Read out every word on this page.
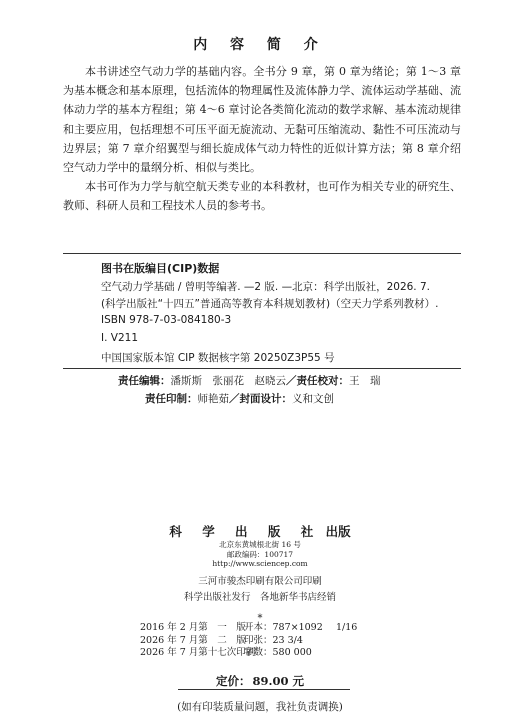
内 容 简 介

本书讲述空气动力学的基础内容。全书分 9 章，第 0 章为绪论；第 1～3 章为基本概念和基本原理，包括流体的物理属性及流体静力学、流体运动学基础、流体动力学的基本方程组；第 4～6 章讨论各类简化流动的数学求解、基本流动规律和主要应用，包括理想不可压平面无旋流动、无黏可压缩流动、黏性不可压流动与边界层；第 7 章介绍翼型与细长旋成体气动力特性的近似计算方法；第 8 章介绍空气动力学中的量纲分析、相似与类比。

本书可作为力学与航空航天类专业的本科教材，也可作为相关专业的研究生、教师、科研人员和工程技术人员的参考书。

图书在版编目(CIP)数据
空气动力学基础 / 曾明等编著. —2 版. —北京：科学出版社，2026. 7.
(科学出版社“十四五”普通高等教育本科规划教材)（空天力学系列教材）.
ISBN 978-7-03-084180-3
Ⅰ. V211
中国国家版本馆 CIP 数据核字第 20250Z3P55 号
责任编辑：潘斯斯　张丽花　赵晓云／责任校对：王　瑞
责任印制：师艳茹／封面设计：义和文创
科 学 出 版 社 出版
北京东黄城根北街 16 号
邮政编码：100717
http://www.sciencep.com
三河市骏杰印刷有限公司印刷
科学出版社发行　各地新华书店经销
*
2016 年 2 月第　一　版
开本：787×1092	1/16
2026 年 7 月第　二　版
印张：23 3/4
2026 年 7 月第十七次印刷
字数：580 000
定价： 89.00 元
(如有印装质量问题，我社负责调换)
